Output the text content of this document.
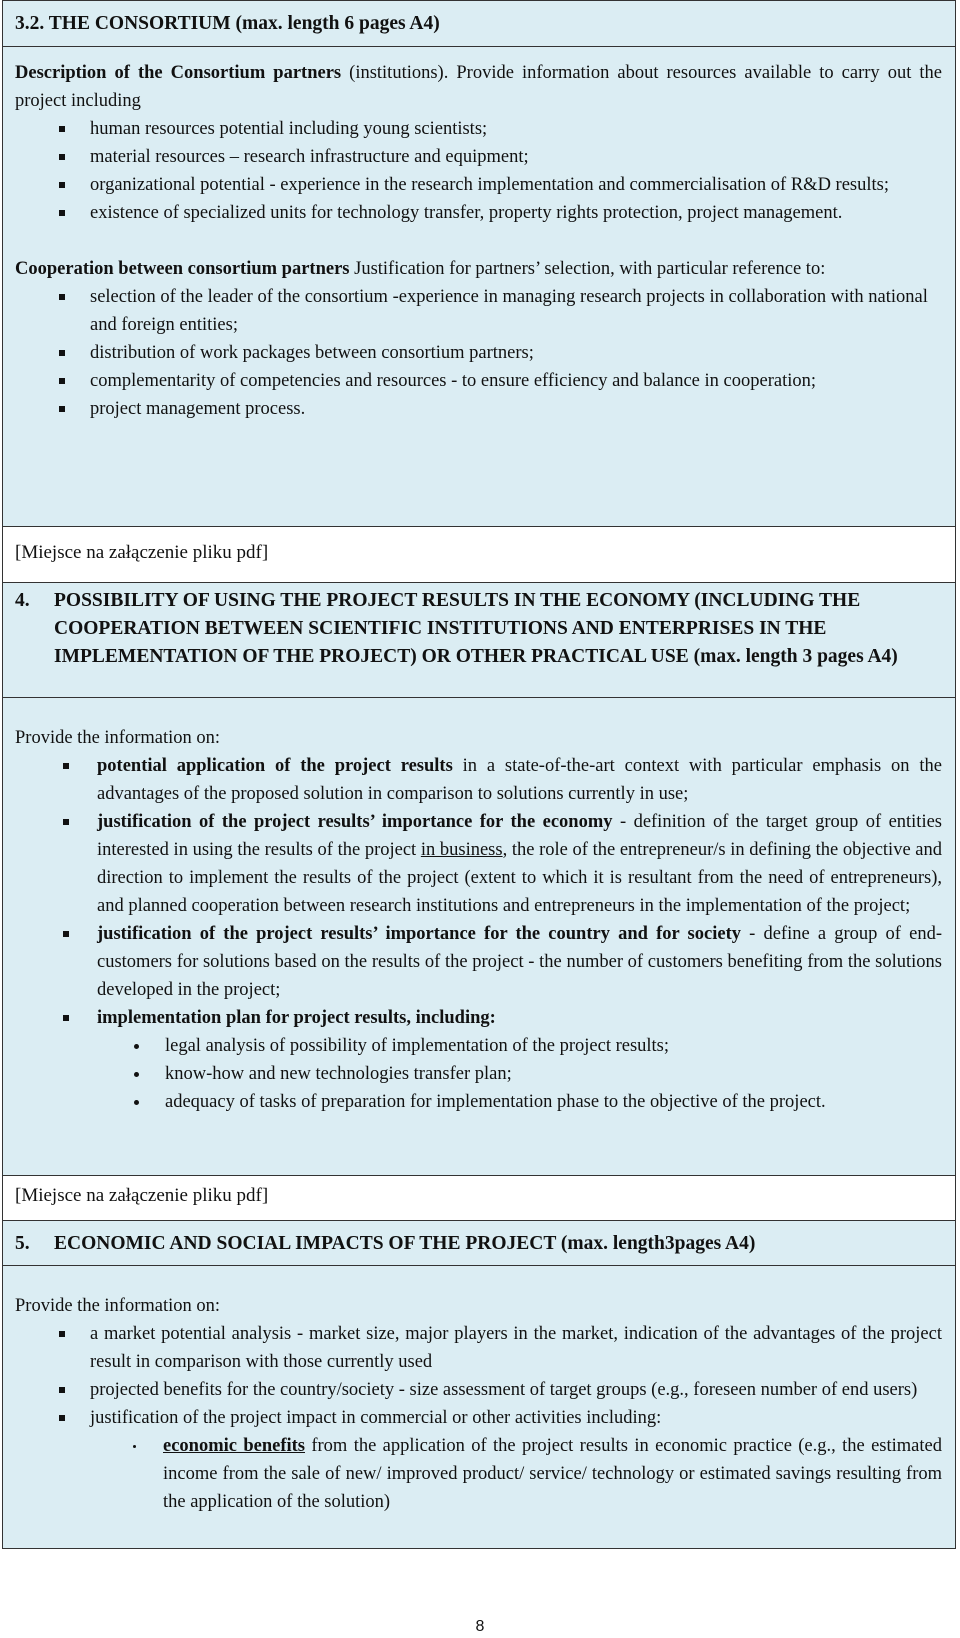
3.2. THE CONSORTIUM (max. length 6 pages A4)

Description of the Consortium partners (institutions). Provide information about resources available to carry out the project including

human resources potential including young scientists;
material resources – research infrastructure and equipment;
organizational potential - experience in the research implementation and commercialisation of R&D results;
existence of specialized units for technology transfer, property rights protection, project management.

Cooperation between consortium partners Justification for partners’ selection, with particular reference to:

selection of the leader of the consortium -experience in managing research projects in collaboration with national and foreign entities;
distribution of work packages between consortium partners;
complementarity of competencies and resources - to ensure efficiency and balance in cooperation;
project management process.
[Miejsce na załączenie pliku pdf]
4. POSSIBILITY OF USING THE PROJECT RESULTS IN THE ECONOMY (INCLUDING THE COOPERATION BETWEEN SCIENTIFIC INSTITUTIONS AND ENTERPRISES IN THE IMPLEMENTATION OF THE PROJECT) OR OTHER PRACTICAL USE (max. length 3 pages A4)

Provide the information on:

potential application of the project results in a state-of-the-art context with particular emphasis on the advantages of the proposed solution in comparison to solutions currently in use;
justification of the project results’ importance for the economy - definition of the target group of entities interested in using the results of the project in business, the role of the entrepreneur/s in defining the objective and direction to implement the results of the project (extent to which it is resultant from the need of entrepreneurs), and planned cooperation between research institutions and entrepreneurs in the implementation of the project;
justification of the project results’ importance for the country and for society - define a group of end-customers for solutions based on the results of the project - the number of customers benefiting from the solutions developed in the project;
implementation plan for project results, including:
legal analysis of possibility of implementation of the project results;
know-how and new technologies transfer plan;
adequacy of tasks of preparation for implementation phase to the objective of the project.
[Miejsce na załączenie pliku pdf]
5. ECONOMIC AND SOCIAL IMPACTS OF THE PROJECT (max. length3pages A4)

Provide the information on:

a market potential analysis - market size, major players in the market, indication of the advantages of the project result in comparison with those currently used
projected benefits for the country/society - size assessment of target groups (e.g., foreseen number of end users)
justification of the project impact in commercial or other activities including:
economic benefits from the application of the project results in economic practice (e.g., the estimated income from the sale of new/ improved product/ service/ technology or estimated savings resulting from the application of the solution)
8
